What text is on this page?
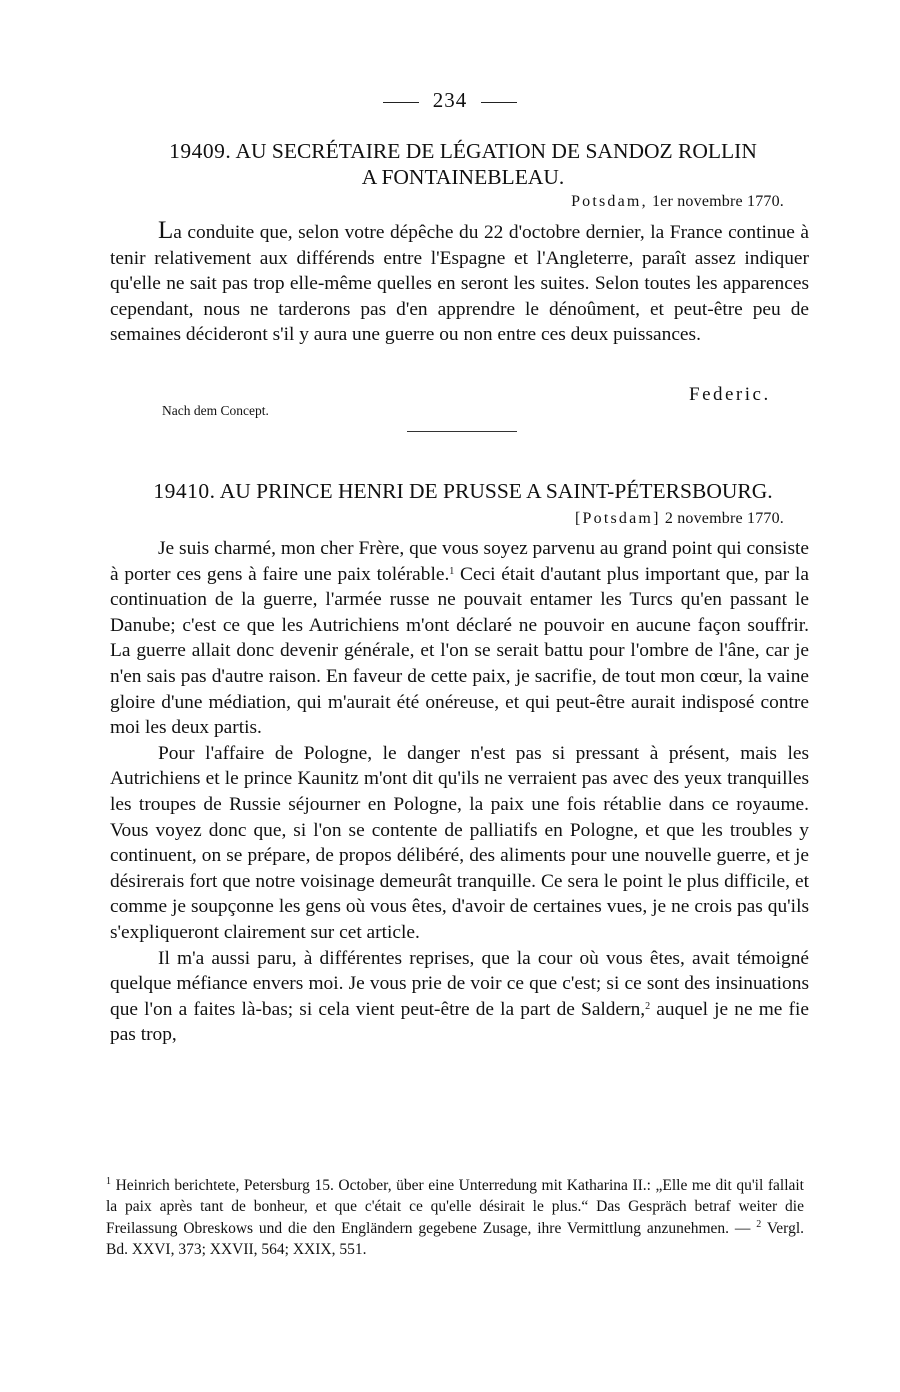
234
19409. AU SECRÉTAIRE DE LÉGATION DE SANDOZ ROLLIN
A FONTAINEBLEAU.
Potsdam, 1er novembre 1770.

La conduite que, selon votre dépêche du 22 d'octobre dernier, la France continue à tenir relativement aux différends entre l'Espagne et l'Angleterre, paraît assez indiquer qu'elle ne sait pas trop elle-même quelles en seront les suites. Selon toutes les apparences cependant, nous ne tarderons pas d'en apprendre le dénoûment, et peut-être peu de semaines décideront s'il y aura une guerre ou non entre ces deux puissances.

Federic.
Nach dem Concept.
19410. AU PRINCE HENRI DE PRUSSE A SAINT-PÉTERSBOURG.
[Potsdam] 2 novembre 1770.

Je suis charmé, mon cher Frère, que vous soyez parvenu au grand point qui consiste à porter ces gens à faire une paix tolérable.$^1$ Ceci était d'autant plus important que, par la continuation de la guerre, l'armée russe ne pouvait entamer les Turcs qu'en passant le Danube; c'est ce que les Autrichiens m'ont déclaré ne pouvoir en aucune façon souffrir. La guerre allait donc devenir générale, et l'on se serait battu pour l'ombre de l'âne, car je n'en sais pas d'autre raison. En faveur de cette paix, je sacrifie, de tout mon cœur, la vaine gloire d'une médiation, qui m'aurait été onéreuse, et qui peut-être aurait indisposé contre moi les deux partis.

Pour l'affaire de Pologne, le danger n'est pas si pressant à présent, mais les Autrichiens et le prince Kaunitz m'ont dit qu'ils ne verraient pas avec des yeux tranquilles les troupes de Russie séjourner en Pologne, la paix une fois rétablie dans ce royaume. Vous voyez donc que, si l'on se contente de palliatifs en Pologne, et que les troubles y continuent, on se prépare, de propos délibéré, des aliments pour une nouvelle guerre, et je désirerais fort que notre voisinage demeurât tranquille. Ce sera le point le plus difficile, et comme je soupçonne les gens où vous êtes, d'avoir de certaines vues, je ne crois pas qu'ils s'expliqueront clairement sur cet article.

Il m'a aussi paru, à différentes reprises, que la cour où vous êtes, avait témoigné quelque méfiance envers moi. Je vous prie de voir ce que c'est; si ce sont des insinuations que l'on a faites là-bas; si cela vient peut-être de la part de Saldern,$^2$ auquel je ne me fie pas trop,

$^1$ Heinrich berichtete, Petersburg 15. October, über eine Unterredung mit Katharina II.: „Elle me dit qu'il fallait la paix après tant de bonheur, et que c'était ce qu'elle désirait le plus.“ Das Gespräch betraf weiter die Freilassung Obreskows und die den Engländern gegebene Zusage, ihre Vermittlung anzunehmen. — $^2$ Vergl. Bd. XXVI, 373; XXVII, 564; XXIX, 551.
